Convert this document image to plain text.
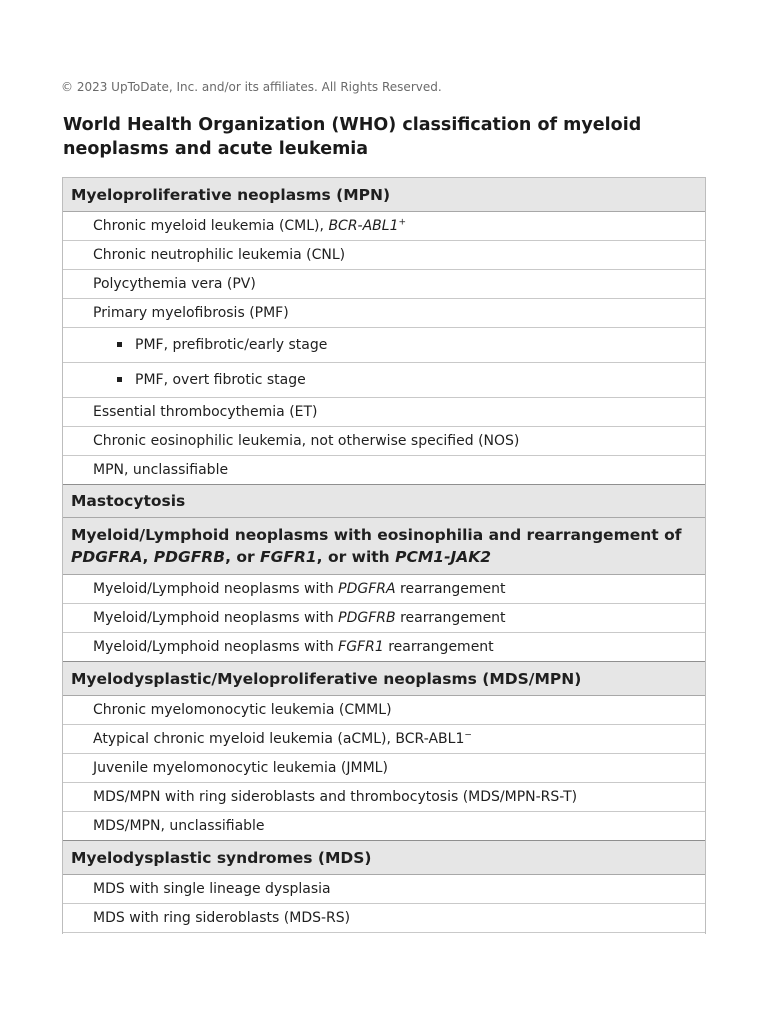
© 2023 UpToDate, Inc. and/or its affiliates. All Rights Reserved.
World Health Organization (WHO) classification of myeloid neoplasms and acute leukemia
Myeloproliferative neoplasms (MPN)
Chronic myeloid leukemia (CML), BCR-ABL1+
Chronic neutrophilic leukemia (CNL)
Polycythemia vera (PV)
Primary myelofibrosis (PMF)
PMF, prefibrotic/early stage
PMF, overt fibrotic stage
Essential thrombocythemia (ET)
Chronic eosinophilic leukemia, not otherwise specified (NOS)
MPN, unclassifiable
Mastocytosis
Myeloid/Lymphoid neoplasms with eosinophilia and rearrangement of
PDGFRA, PDGFRB, or FGFR1, or with PCM1-JAK2
Myeloid/Lymphoid neoplasms with PDGFRA rearrangement
Myeloid/Lymphoid neoplasms with PDGFRB rearrangement
Myeloid/Lymphoid neoplasms with FGFR1 rearrangement
Myelodysplastic/Myeloproliferative neoplasms (MDS/MPN)
Chronic myelomonocytic leukemia (CMML)
Atypical chronic myeloid leukemia (aCML), BCR-ABL1−
Juvenile myelomonocytic leukemia (JMML)
MDS/MPN with ring sideroblasts and thrombocytosis (MDS/MPN-RS-T)
MDS/MPN, unclassifiable
Myelodysplastic syndromes (MDS)
MDS with single lineage dysplasia
MDS with ring sideroblasts (MDS-RS)
